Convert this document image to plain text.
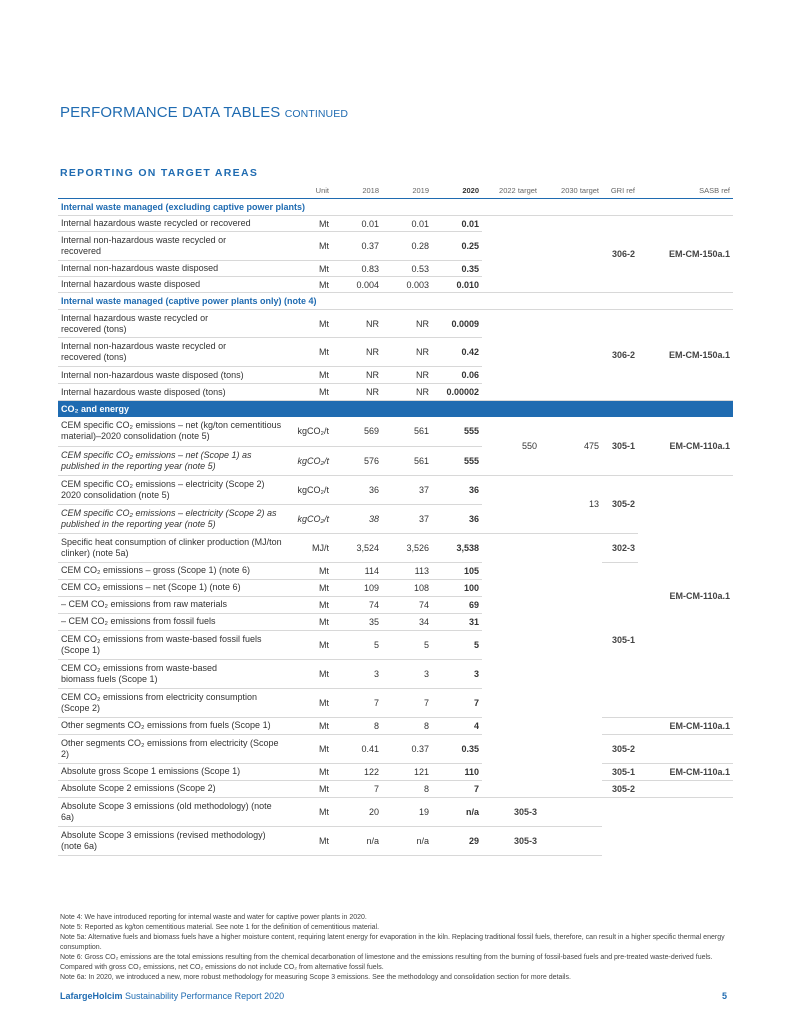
PERFORMANCE DATA TABLES CONTINUED
REPORTING ON TARGET AREAS
	Unit	2018	2019	2020	2022 target	2030 target	GRI ref	SASB ref
Internal waste managed (excluding captive power plants)								
Internal hazardous waste recycled or recovered	Mt	0.01	0.01	0.01			306-2	EM-CM-150a.1
Internal non-hazardous waste recycled or recovered	Mt	0.37	0.28	0.25				
Internal non-hazardous waste disposed	Mt	0.83	0.53	0.35				
Internal hazardous waste disposed	Mt	0.004	0.003	0.010				
Internal waste managed (captive power plants only) (note 4)								
Internal hazardous waste recycled or recovered (tons)	Mt	NR	NR	0.0009			306-2	EM-CM-150a.1
Internal non-hazardous waste recycled or recovered (tons)	Mt	NR	NR	0.42				
Internal non-hazardous waste disposed (tons)	Mt	NR	NR	0.06				
Internal hazardous waste disposed (tons)	Mt	NR	NR	0.00002				
CO₂ and energy								
CEM specific CO₂ emissions – net (kg/ton cementitious material)–2020 consolidation (note 5)	kgCO₂/t	569	561	555	550	475	305-1	EM-CM-110a.1
CEM specific CO₂ emissions – net (Scope 1) as published in the reporting year (note 5)	kgCO₂/t	576	561	555				
CEM specific CO₂ emissions – electricity (Scope 2) 2020 consolidation (note 5)	kgCO₂/t	36	37	36		13	305-2	EM-CM-110a.1
CEM specific CO₂ emissions – electricity (Scope 2) as published in the reporting year (note 5)	kgCO₂/t	38	37	36				
Specific heat consumption of clinker production (MJ/ton clinker) (note 5a)	MJ/t	3,524	3,526	3,538			302-3	
CEM CO₂ emissions – gross (Scope 1) (note 6)	Mt	114	113	105			305-1	
CEM CO₂ emissions – net (Scope 1) (note 6)	Mt	109	108	100				
– CEM CO₂ emissions from raw materials	Mt	74	74	69				
– CEM CO₂ emissions from fossil fuels	Mt	35	34	31				
CEM CO₂ emissions from waste-based fossil fuels (Scope 1)	Mt	5	5	5				
CEM CO₂ emissions from waste-based biomass fuels (Scope 1)	Mt	3	3	3				
CEM CO₂ emissions from electricity consumption (Scope 2)	Mt	7	7	7				
Other segments CO₂ emissions from fuels (Scope 1)	Mt	8	8	4				EM-CM-110a.1
Other segments CO₂ emissions from electricity (Scope 2)	Mt	0.41	0.37	0.35			305-2	
Absolute gross Scope 1 emissions (Scope 1)	Mt	122	121	110			305-1	EM-CM-110a.1
Absolute Scope 2 emissions (Scope 2)	Mt	7	8	7			305-2	
Absolute Scope 3 emissions (old methodology) (note 6a)	Mt	20	19	n/a	305-3			
Absolute Scope 3 emissions (revised methodology) (note 6a)	Mt	n/a	n/a	29	305-3			
Note 4: We have introduced reporting for internal waste and water for captive power plants in 2020.
Note 5: Reported as kg/ton cementitious material. See note 1 for the definition of cementitious material.
Note 5a: Alternative fuels and biomass fuels have a higher moisture content, requiring latent energy for evaporation in the kiln. Replacing traditional fossil fuels, therefore, can result in a higher specific thermal energy consumption.
Note 6: Gross CO₂ emissions are the total emissions resulting from the chemical decarbonation of limestone and the emissions resulting from the burning of fossil-based fuels and pre-treated waste-derived fuels. Compared with gross CO₂ emissions, net CO₂ emissions do not include CO₂ from alternative fossil fuels.
Note 6a: In 2020, we introduced a new, more robust methodology for measuring Scope 3 emissions. See the methodology and consolidation section for more details.
LafargeHolcim Sustainability Performance Report 2020	5
